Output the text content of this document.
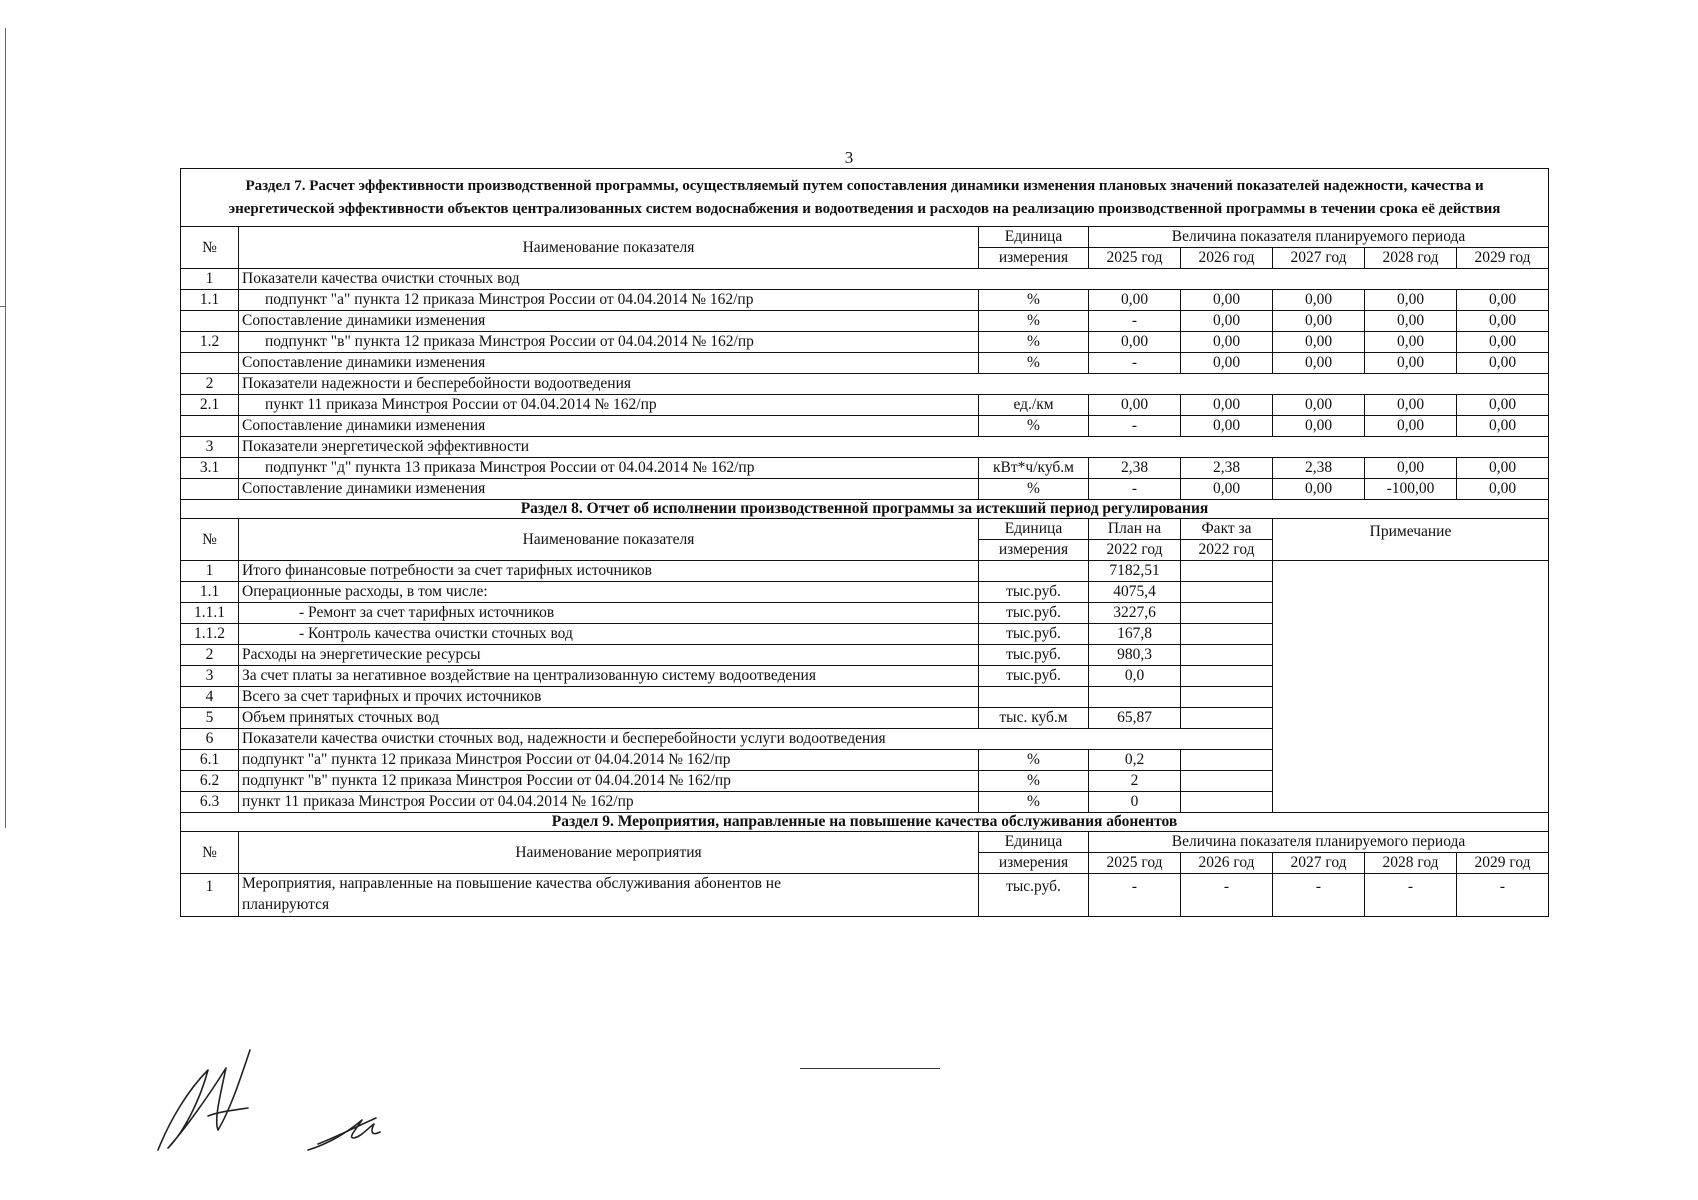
3
Раздел 7. Расчет эффективности производственной программы, осуществляемый путем сопоставления динамики изменения плановых значений показателей надежности, качества и энергетической эффективности объектов централизованных систем водоснабжения и водоотведения и расходов на реализацию производственной программы в течении срока её действия							
№	Наименование показателя	Единица	Величина показателя планируемого периода				
		измерения	2025 год	2026 год	2027 год	2028 год	2029 год
1	Показатели качества очистки сточных вод						
1.1	подпункт "а" пункта 12 приказа Минстроя России от 04.04.2014 № 162/пр	%	0,00	0,00	0,00	0,00	0,00
	Сопоставление динамики изменения	%	-	0,00	0,00	0,00	0,00
1.2	подпункт "в" пункта 12 приказа Минстроя России от 04.04.2014 № 162/пр	%	0,00	0,00	0,00	0,00	0,00
	Сопоставление динамики изменения	%	-	0,00	0,00	0,00	0,00
2	Показатели надежности и бесперебойности водоотведения						
2.1	пункт 11 приказа Минстроя России от 04.04.2014 № 162/пр	ед./км	0,00	0,00	0,00	0,00	0,00
	Сопоставление динамики изменения	%	-	0,00	0,00	0,00	0,00
3	Показатели энергетической эффективности						
3.1	подпункт "д" пункта 13 приказа Минстроя России от 04.04.2014 № 162/пр	кВт*ч/куб.м	2,38	2,38	2,38	0,00	0,00
	Сопоставление динамики изменения	%	-	0,00	0,00	-100,00	0,00
Раздел 8. Отчет об исполнении производственной программы за истекший период регулирования							
№	Наименование показателя	Единица	План на	Факт за	Примечание		
		измерения	2022 год	2022 год			
1	Итого финансовые потребности за счет тарифных источников		7182,51				
1.1	Операционные расходы, в том числе:	тыс.руб.	4075,4				
1.1.1	- Ремонт за счет тарифных источников	тыс.руб.	3227,6				
1.1.2	- Контроль качества очистки сточных вод	тыс.руб.	167,8				
2	Расходы на энергетические ресурсы	тыс.руб.	980,3				
3	За счет платы за негативное воздействие на централизованную систему водоотведения	тыс.руб.	0,0				
4	Всего за счет тарифных и прочих источников						
5	Объем принятых сточных вод	тыс. куб.м	65,87				
6	Показатели качества очистки сточных вод, надежности и бесперебойности услуги водоотведения						
6.1	подпункт "а" пункта 12 приказа Минстроя России от 04.04.2014 № 162/пр	%	0,2				
6.2	подпункт "в" пункта 12 приказа Минстроя России от 04.04.2014 № 162/пр	%	2				
6.3	пункт 11 приказа Минстроя России от 04.04.2014 № 162/пр	%	0				
Раздел 9. Мероприятия, направленные на повышение качества обслуживания абонентов							
№	Наименование мероприятия	Единица	Величина показателя планируемого периода				
		измерения	2025 год	2026 год	2027 год	2028 год	2029 год
1	Мероприятия, направленные на повышение качества обслуживания абонентов не планируются	тыс.руб.	-	-	-	-	-
